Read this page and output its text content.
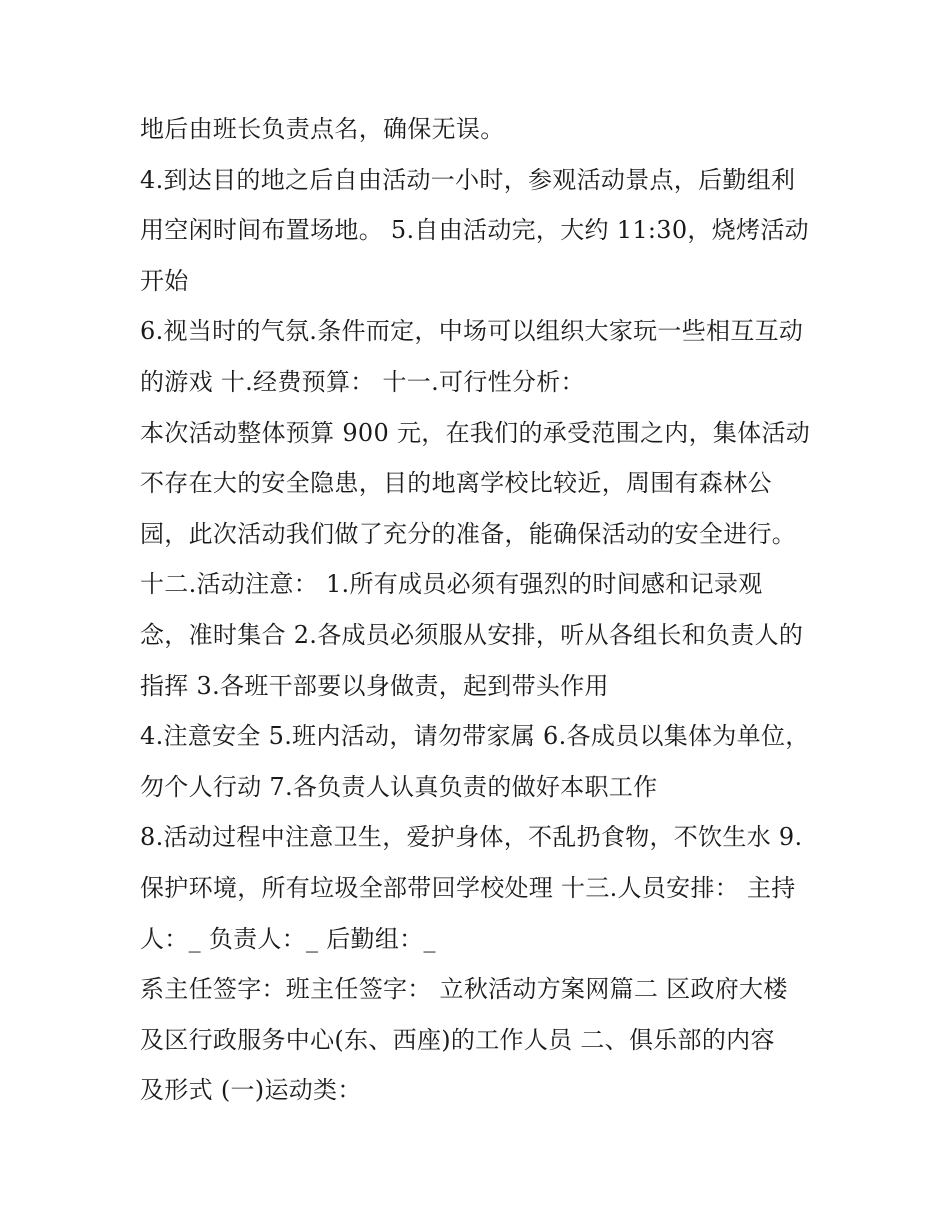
地后由班长负责点名，确保无误。
4.到达目的地之后自由活动一小时，参观活动景点，后勤组利
用空闲时间布置场地。 5.自由活动完，大约 11:30，烧烤活动
开始
6.视当时的气氛.条件而定，中场可以组织大家玩一些相互互动
的游戏 十.经费预算： 十一.可行性分析：
本次活动整体预算 900 元，在我们的承受范围之内，集体活动
不存在大的安全隐患，目的地离学校比较近，周围有森林公
园，此次活动我们做了充分的准备，能确保活动的安全进行。
十二.活动注意： 1.所有成员必须有强烈的时间感和记录观
念，准时集合 2.各成员必须服从安排，听从各组长和负责人的
指挥 3.各班干部要以身做责，起到带头作用
4.注意安全 5.班内活动，请勿带家属 6.各成员以集体为单位，
勿个人行动 7.各负责人认真负责的做好本职工作
8.活动过程中注意卫生，爱护身体，不乱扔食物，不饮生水 9.
保护环境，所有垃圾全部带回学校处理 十三.人员安排： 主持
人：_ 负责人：_ 后勤组：_
系主任签字：班主任签字： 立秋活动方案网篇二 区政府大楼
及区行政服务中心(东、西座)的工作人员 二、俱乐部的内容
及形式 (一)运动类：
